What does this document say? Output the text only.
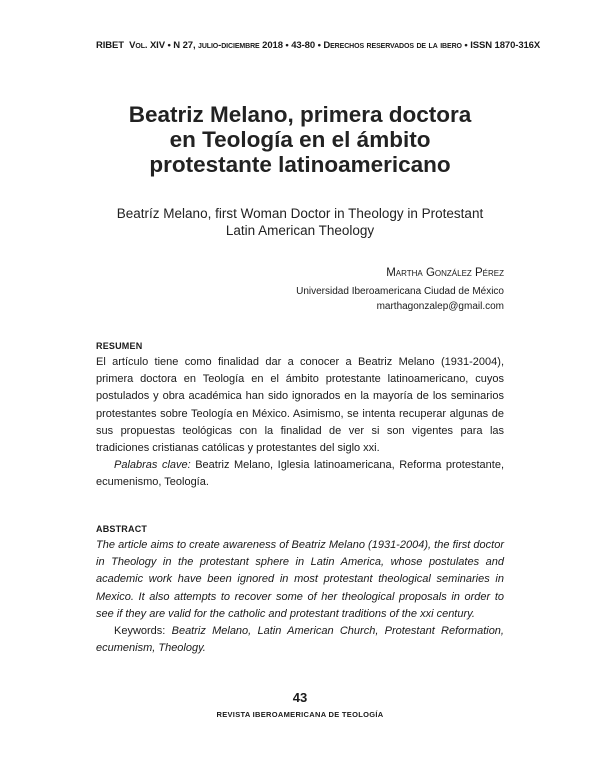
RIBET Vol. XIV • N 27, julio-diciembre 2018 • 43-80 • Derechos reservados de la ibero • ISSN 1870-316X
Beatriz Melano, primera doctora
en Teología en el ámbito
protestante latinoamericano
Beatríz Melano, first Woman Doctor in Theology in Protestant
Latin American Theology
Martha González Pérez
Universidad Iberoamericana Ciudad de México
marthagonzalep@gmail.com
RESUMEN

El artículo tiene como finalidad dar a conocer a Beatriz Melano (1931-2004), primera doctora en Teología en el ámbito protestante latinoamericano, cuyos postulados y obra académica han sido ignorados en la mayoría de los seminarios protestantes sobre Teología en México. Asimismo, se intenta recuperar algunas de sus propuestas teológicas con la finalidad de ver si son vigentes para las tradiciones cristianas católicas y protestantes del siglo xxi.

Palabras clave: Beatriz Melano, Iglesia latinoamericana, Reforma protestante, ecumenismo, Teología.

ABSTRACT

The article aims to create awareness of Beatriz Melano (1931-2004), the first doctor in Theology in the protestant sphere in Latin America, whose postulates and academic work have been ignored in most protestant theological seminaries in Mexico. It also attempts to recover some of her theological proposals in order to see if they are valid for the catholic and protestant traditions of the xxi century.

Keywords: Beatriz Melano, Latin American Church, Protestant Reformation, ecumenism, Theology.

43
REVISTA IBEROAMERICANA DE TEOLOGÍA
